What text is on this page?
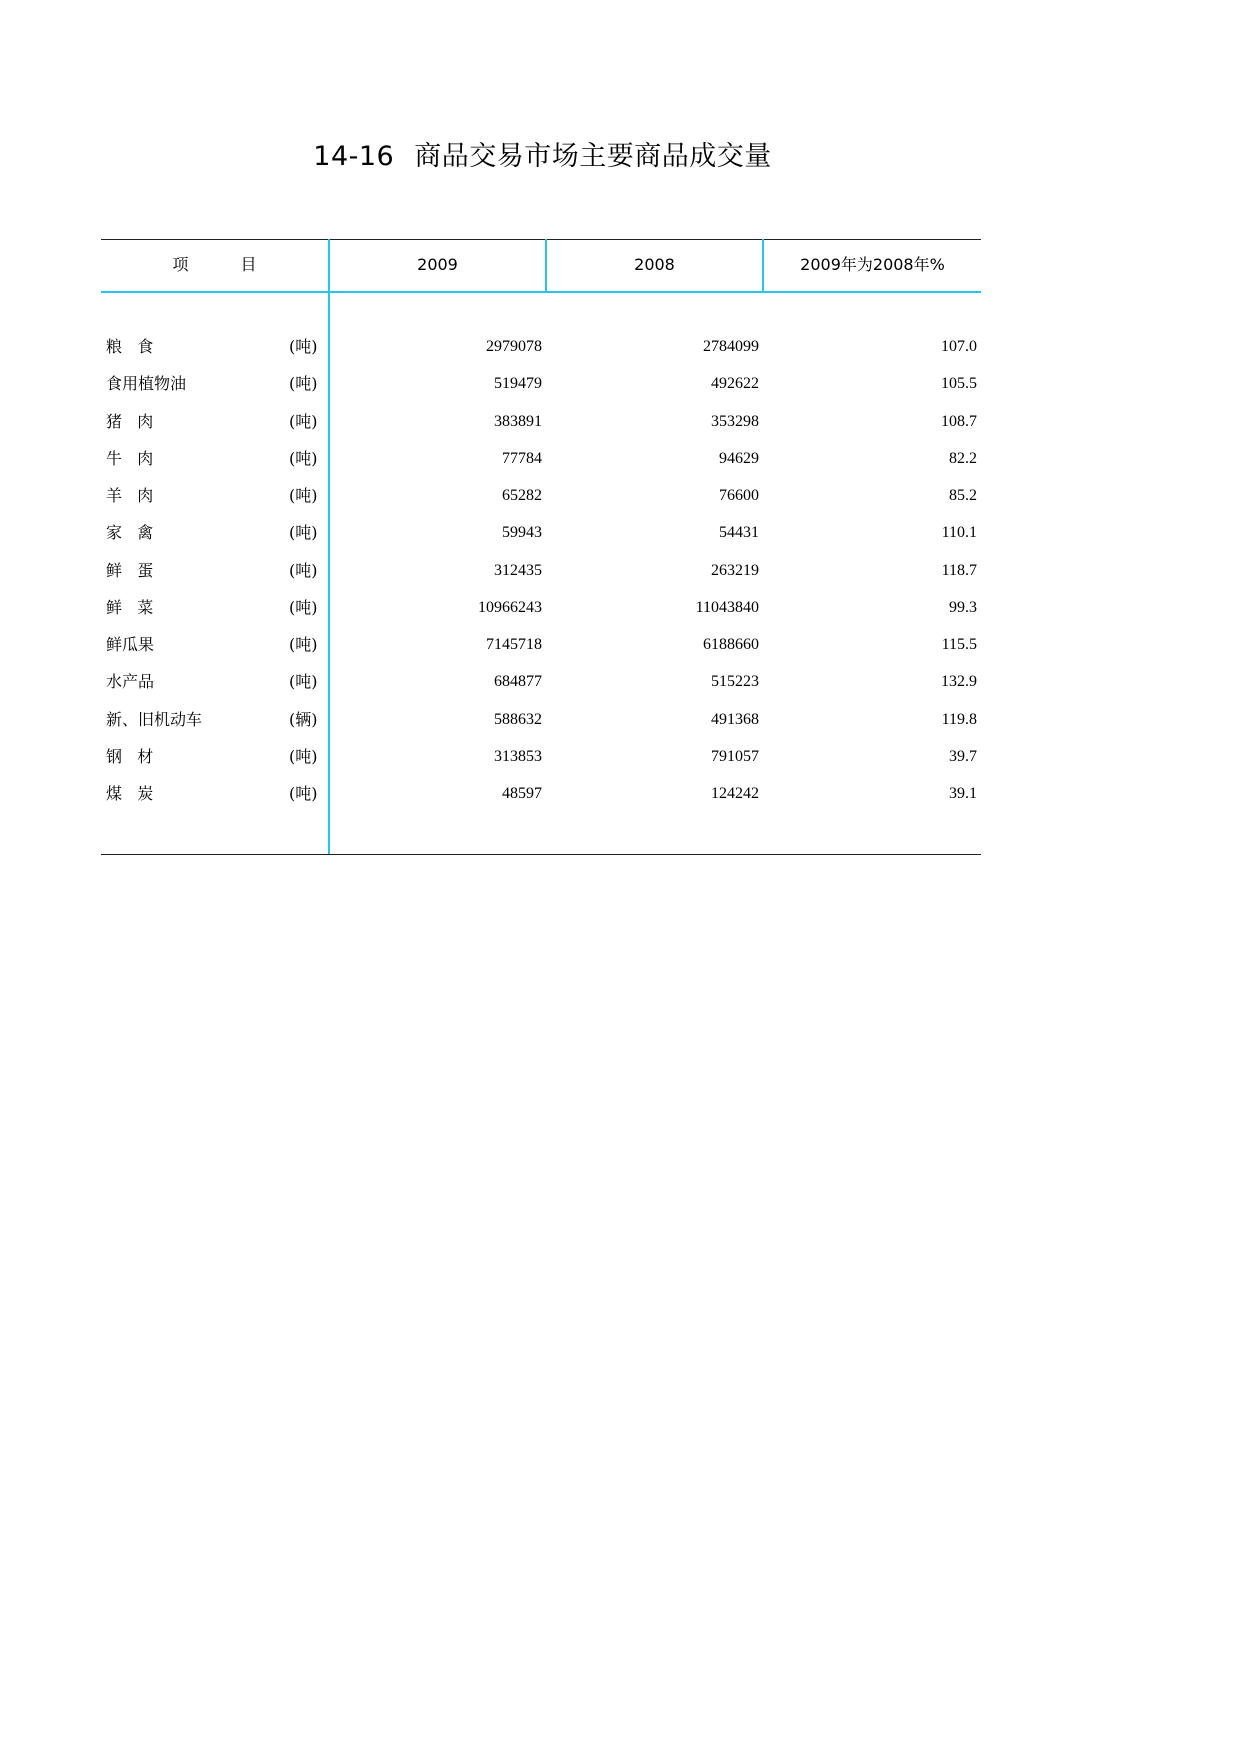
14-16 商品交易市场主要商品成交量
项	目	2009	2008	2009年为2008年%
粮   食	(吨)	2979078	2784099	107.0
食用植物油	(吨)	519479	492622	105.5
猪   肉	(吨)	383891	353298	108.7
牛   肉	(吨)	77784	94629	82.2
羊   肉	(吨)	65282	76600	85.2
家   禽	(吨)	59943	54431	110.1
鲜   蛋	(吨)	312435	263219	118.7
鲜   菜	(吨)	10966243	11043840	99.3
鲜瓜果	(吨)	7145718	6188660	115.5
水产品	(吨)	684877	515223	132.9
新、旧机动车	(辆)	588632	491368	119.8
钢   材	(吨)	313853	791057	39.7
煤   炭	(吨)	48597	124242	39.1
